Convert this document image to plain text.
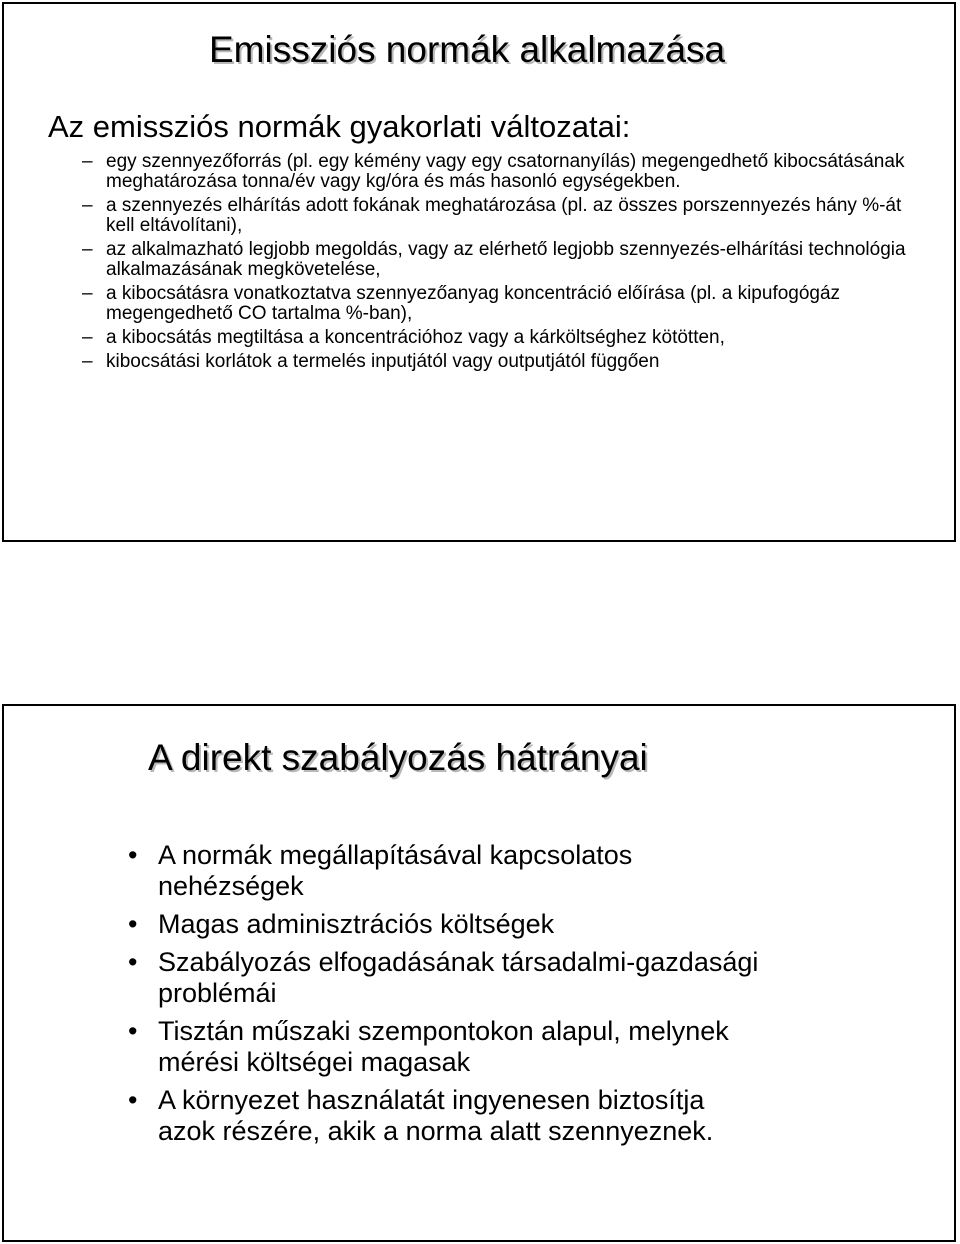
Emissziós normák alkalmazása
Az emissziós normák gyakorlati változatai:
– egy szennyezőforrás (pl. egy kémény vagy egy csatornanyílás) megengedhető kibocsátásának meghatározása tonna/év vagy kg/óra és más hasonló egységekben.
– a szennyezés elhárítás adott fokának meghatározása (pl. az összes porszennyezés hány %-át kell eltávolítani),
– az alkalmazható legjobb megoldás, vagy az elérhető legjobb szennyezés-elhárítási technológia alkalmazásának megkövetelése,
– a kibocsátásra vonatkoztatva szennyezőanyag koncentráció előírása (pl. a kipufogógáz megengedhető CO tartalma %-ban),
– a kibocsátás megtiltása a koncentrációhoz vagy a kárköltséghez kötötten,
– kibocsátási korlátok a termelés inputjától vagy outputjától függően
A direkt szabályozás hátrányai
• A normák megállapításával kapcsolatos nehézségek
• Magas adminisztrációs költségek
• Szabályozás elfogadásának társadalmi-gazdasági problémái
• Tisztán műszaki szempontokon alapul, melynek mérési költségei magasak
• A környezet használatát ingyenesen biztosítja azok részére, akik a norma alatt szennyeznek.
